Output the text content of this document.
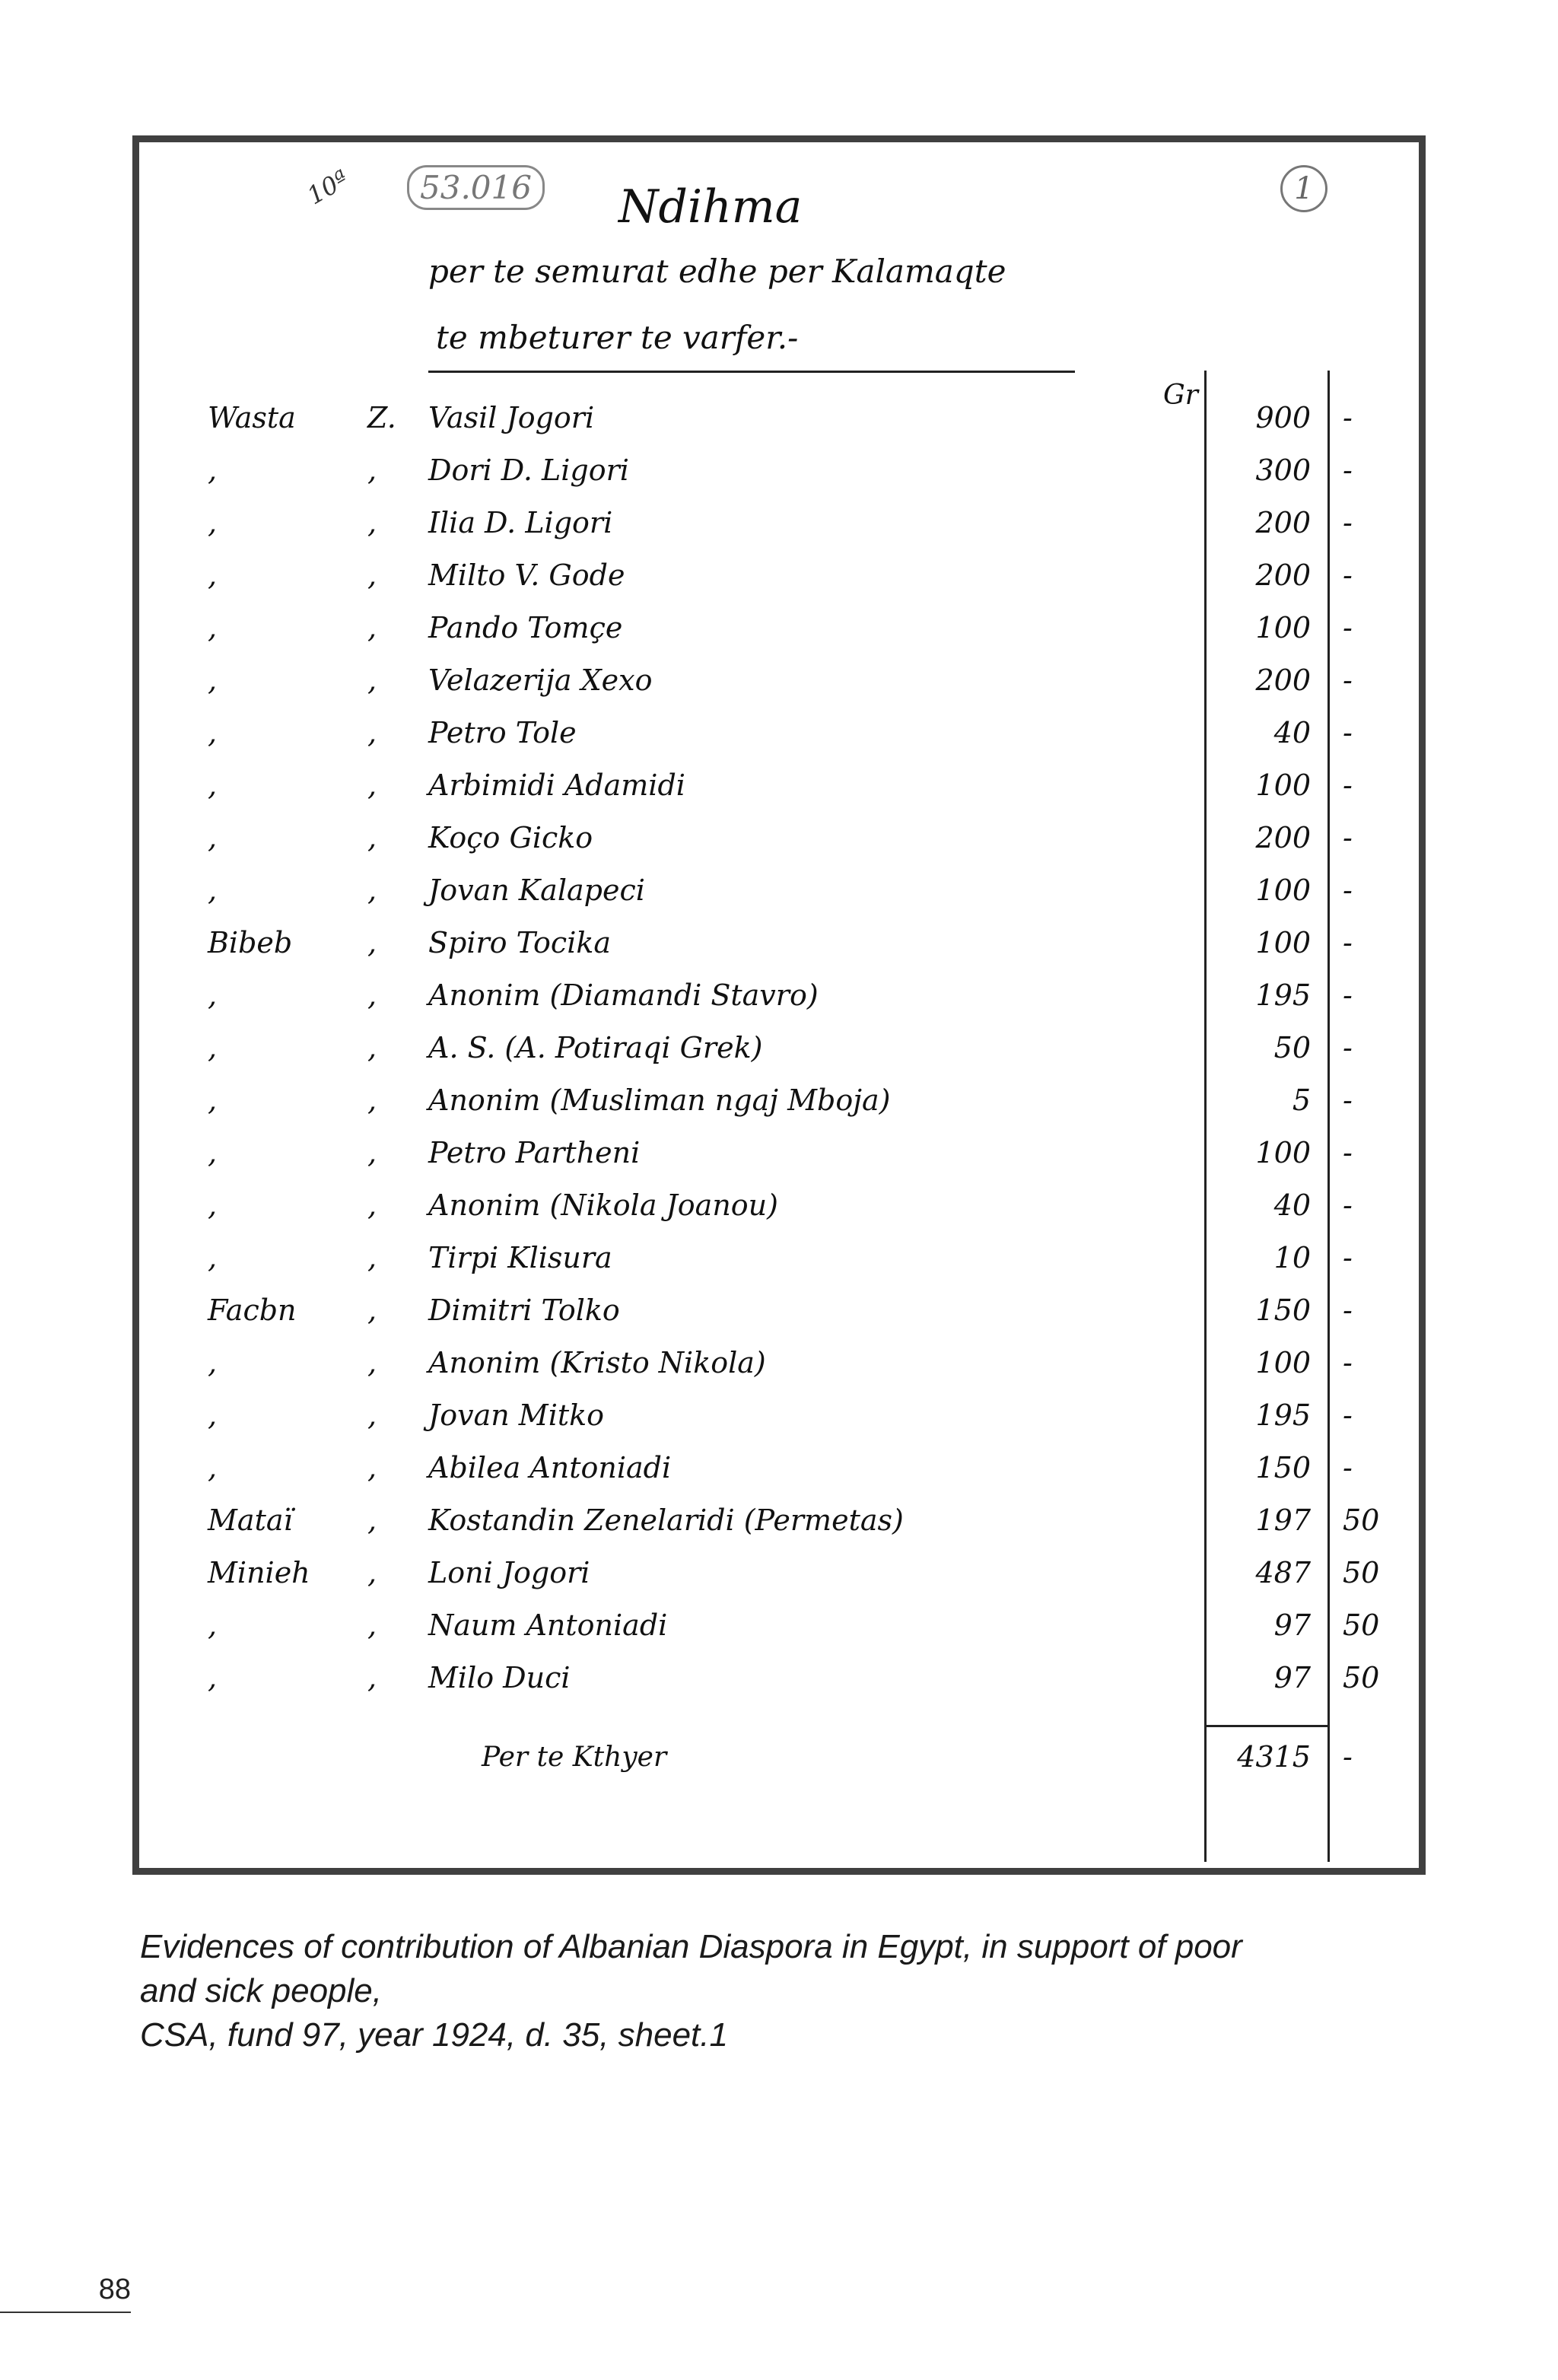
10ª	53.016	1
Ndihma
per te semurat edhe per Kalamaqte
te mbeturer te varfer.-
Gr
Wasta	Z. Vasil Jogori	900 -
,	, Dori D. Ligori	300 -
,	, Ilia D. Ligori	200 -
,	, Milto V. Gode	200 -
,	, Pando Tomçe	100 -
,	, Velazerija Xexo	200 -
,	, Petro Tole	40 -
,	, Arbimidi Adamidi	100 -
,	, Koço Gicko	200 -
,	, Jovan Kalapeci	100 -
Bibeb	, Spiro Tocika	100 -
,	, Anonim (Diamandi Stavro)	195 -
,	, A. S. (A. Potiraqi Grek)	50 -
,	, Anonim (Musliman ngaj Mboja)	5 -
,	, Petro Partheni	100 -
,	, Anonim (Nikola Joanou)	40 -
,	, Tirpi Klisura	10 -
Facbn	, Dimitri Tolko	150 -
,	, Anonim (Kristo Nikola)	100 -
,	, Jovan Mitko	195 -
,	, Abilea Antoniadi	150 -
Mataï	, Kostandin Zenelaridi (Permetas)	197 50
Minieh	, Loni Jogori	487 50
,	, Naum Antoniadi	97 50
,	, Milo Duci	97 50
Per te Kthyer	4315 -
Evidences of contribution of Albanian Diaspora in Egypt, in support of poor
and sick people,
CSA, fund 97, year 1924, d. 35, sheet.1
88
